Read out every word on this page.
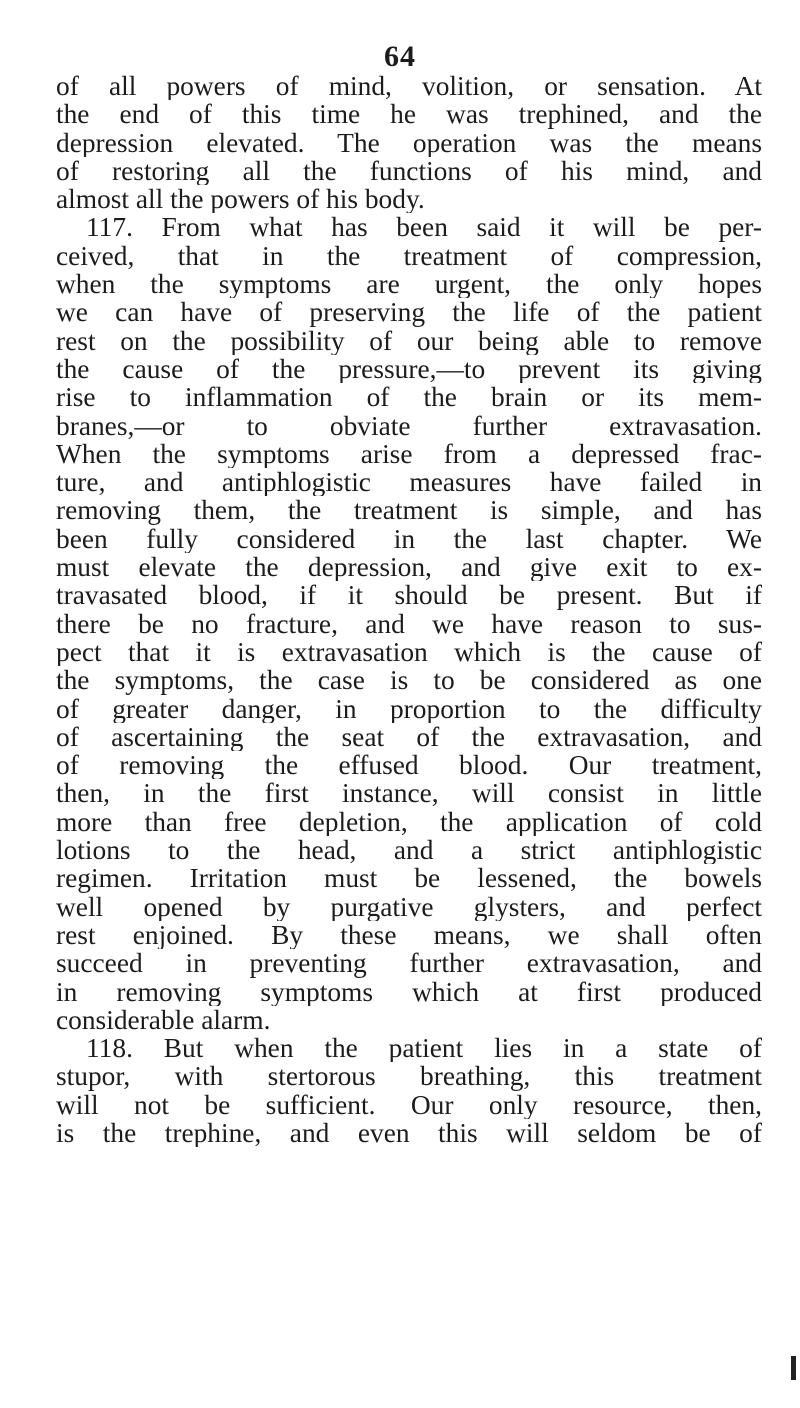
64
of all powers of mind, volition, or sensation. At
the end of this time he was trephined, and the
depression elevated. The operation was the means
of restoring all the functions of his mind, and
almost all the powers of his body.
117. From what has been said it will be per-
ceived, that in the treatment of compression,
when the symptoms are urgent, the only hopes
we can have of preserving the life of the patient
rest on the possibility of our being able to remove
the cause of the pressure,—to prevent its giving
rise to inflammation of the brain or its mem-
branes,—or to obviate further extravasation.
When the symptoms arise from a depressed frac-
ture, and antiphlogistic measures have failed in
removing them, the treatment is simple, and has
been fully considered in the last chapter. We
must elevate the depression, and give exit to ex-
travasated blood, if it should be present. But if
there be no fracture, and we have reason to sus-
pect that it is extravasation which is the cause of
the symptoms, the case is to be considered as one
of greater danger, in proportion to the difficulty
of ascertaining the seat of the extravasation, and
of removing the effused blood. Our treatment,
then, in the first instance, will consist in little
more than free depletion, the application of cold
lotions to the head, and a strict antiphlogistic
regimen. Irritation must be lessened, the bowels
well opened by purgative glysters, and perfect
rest enjoined. By these means, we shall often
succeed in preventing further extravasation, and
in removing symptoms which at first produced
considerable alarm.
118. But when the patient lies in a state of
stupor, with stertorous breathing, this treatment
will not be sufficient. Our only resource, then,
is the trephine, and even this will seldom be of
